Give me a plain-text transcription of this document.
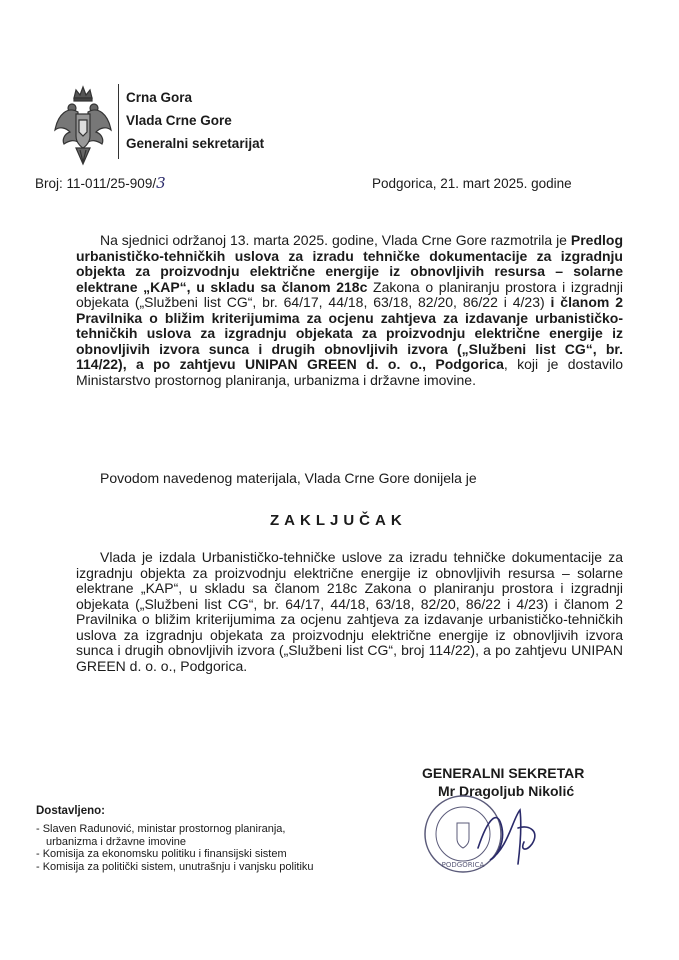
Crna Gora
Vlada Crne Gore
Generalni sekretarijat
Broj: 11-011/25-909/3	Podgorica, 21. mart 2025. godine
Na sjednici održanoj 13. marta 2025. godine, Vlada Crne Gore razmotrila je Predlog urbanističko-tehničkih uslova za izradu tehničke dokumentacije za izgradnju objekta za proizvodnju električne energije iz obnovljivih resursa – solarne elektrane „KAP“, u skladu sa članom 218c Zakona o planiranju prostora i izgradnji objekata („Službeni list CG“, br. 64/17, 44/18, 63/18, 82/20, 86/22 i 4/23) i članom 2 Pravilnika o bližim kriterijumima za ocjenu zahtjeva za izdavanje urbanističko-tehničkih uslova za izgradnju objekata za proizvodnju električne energije iz obnovljivih izvora sunca i drugih obnovljivih izvora („Službeni list CG“, br. 114/22), a po zahtjevu UNIPAN GREEN d. o. o., Podgorica, koji je dostavilo Ministarstvo prostornog planiranja, urbanizma i državne imovine.
Povodom navedenog materijala, Vlada Crne Gore donijela je
ZAKLJUČAK
Vlada je izdala Urbanističko-tehničke uslove za izradu tehničke dokumentacije za izgradnju objekta za proizvodnju električne energije iz obnovljivih resursa – solarne elektrane „KAP“, u skladu sa članom 218c Zakona o planiranju prostora i izgradnji objekata („Službeni list CG“, br. 64/17, 44/18, 63/18, 82/20, 86/22 i 4/23) i članom 2 Pravilnika o bližim kriterijumima za ocjenu zahtjeva za izdavanje urbanističko-tehničkih uslova za izgradnju objekata za proizvodnju električne energije iz obnovljivih izvora sunca i drugih obnovljivih izvora („Službeni list CG“, broj 114/22), a po zahtjevu UNIPAN GREEN d. o. o., Podgorica.
GENERALNI SEKRETAR
Mr Dragoljub Nikolić
PODGORICA
Dostavljeno:
- Slaven Radunović, ministar prostornog planiranja,
urbanizma i državne imovine
- Komisija za ekonomsku politiku i finansijski sistem
- Komisija za politički sistem, unutrašnju i vanjsku politiku
